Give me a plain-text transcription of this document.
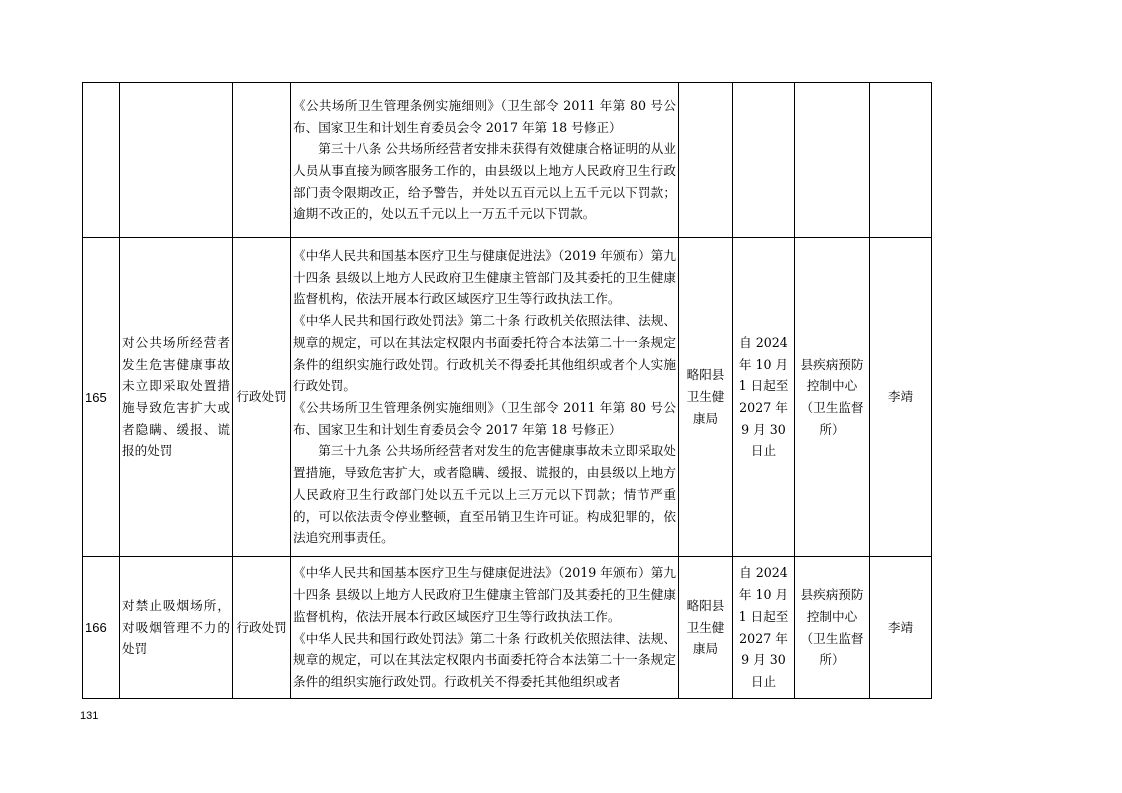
			《公共场所卫生管理条例实施细则》（卫生部令 2011 年第 80 号公布、国家卫生和计划生育委员会令 2017 年第 18 号修正）

第三十八条 公共场所经营者安排未获得有效健康合格证明的从业人员从事直接为顾客服务工作的，由县级以上地方人民政府卫生行政部门责令限期改正，给予警告，并处以五百元以上五千元以下罚款；逾期不改正的，处以五千元以上一万五千元以下罚款。				

165	对公共场所经营者发生危害健康事故未立即采取处置措施导致危害扩大或者隐瞒、缓报、谎报的处罚	行政处罚	《中华人民共和国基本医疗卫生与健康促进法》（2019 年颁布）第九十四条 县级以上地方人民政府卫生健康主管部门及其委托的卫生健康监督机构，依法开展本行政区域医疗卫生等行政执法工作。

《中华人民共和国行政处罚法》第二十条 行政机关依照法律、法规、规章的规定，可以在其法定权限内书面委托符合本法第二十一条规定条件的组织实施行政处罚。行政机关不得委托其他组织或者个人实施行政处罚。

《公共场所卫生管理条例实施细则》（卫生部令 2011 年第 80 号公布、国家卫生和计划生育委员会令 2017 年第 18 号修正）

第三十九条 公共场所经营者对发生的危害健康事故未立即采取处置措施，导致危害扩大，或者隐瞒、缓报、谎报的，由县级以上地方人民政府卫生行政部门处以五千元以上三万元以下罚款；情节严重的，可以依法责令停业整顿，直至吊销卫生许可证。构成犯罪的，依法追究刑事责任。	略阳县卫生健康局	自 2024 年 10 月 1 日起至 2027 年 9 月 30 日止	县疾病预防控制中心（卫生监督所）	李靖
166	对禁止吸烟场所，对吸烟管理不力的处罚	行政处罚	《中华人民共和国基本医疗卫生与健康促进法》（2019 年颁布）第九十四条 县级以上地方人民政府卫生健康主管部门及其委托的卫生健康监督机构，依法开展本行政区域医疗卫生等行政执法工作。

《中华人民共和国行政处罚法》第二十条 行政机关依照法律、法规、规章的规定，可以在其法定权限内书面委托符合本法第二十一条规定条件的组织实施行政处罚。行政机关不得委托其他组织或者	略阳县卫生健康局	自 2024 年 10 月 1 日起至 2027 年 9 月 30 日止	县疾病预防控制中心（卫生监督所）	李靖
131
